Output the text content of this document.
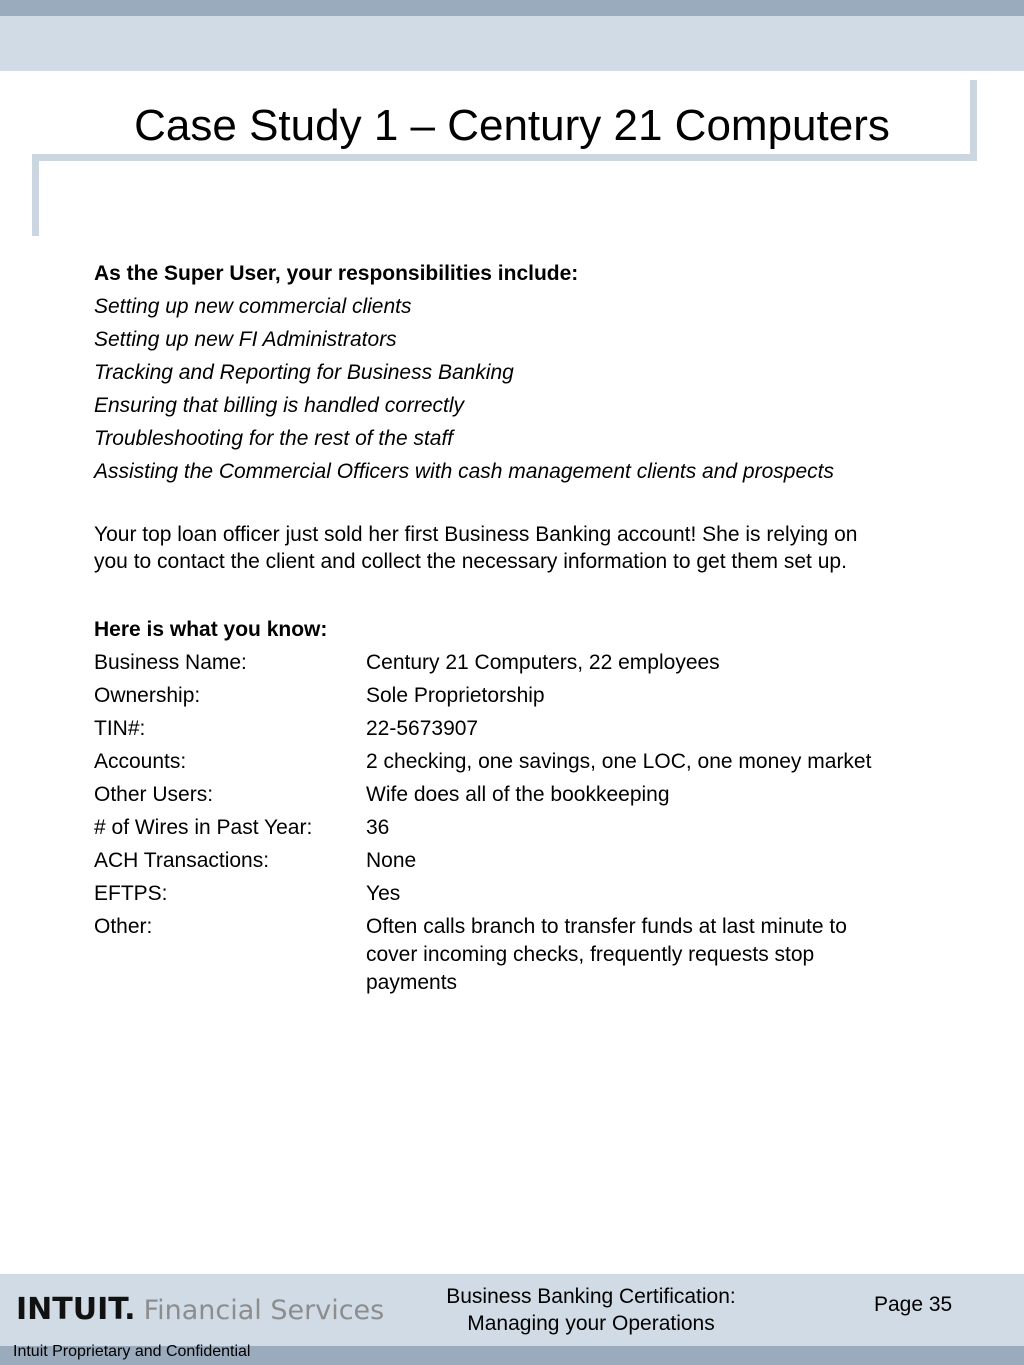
Case Study 1 – Century 21 Computers
As the Super User, your responsibilities include:
Setting up new commercial clients
Setting up new FI Administrators
Tracking and Reporting for Business Banking
Ensuring that billing is handled correctly
Troubleshooting for the rest of the staff
Assisting the Commercial Officers with cash management clients and prospects
Your top loan officer just sold her first Business Banking account! She is relying on
you to contact the client and collect the necessary information to get them set up.
Here is what you know:
Business Name:	Century 21 Computers, 22 employees
Ownership:	Sole Proprietorship
TIN#:	22-5673907
Accounts:	2 checking, one savings, one LOC, one money market
Other Users:	Wife does all of the bookkeeping
# of Wires in Past Year:	36
ACH Transactions:	None
EFTPS:	Yes
Other:	Often calls branch to transfer funds at last minute to
cover incoming checks, frequently requests stop
payments
INTUIT. Financial Services	Business Banking Certification:
Managing your Operations
Page 35
Intuit Proprietary and Confidential
